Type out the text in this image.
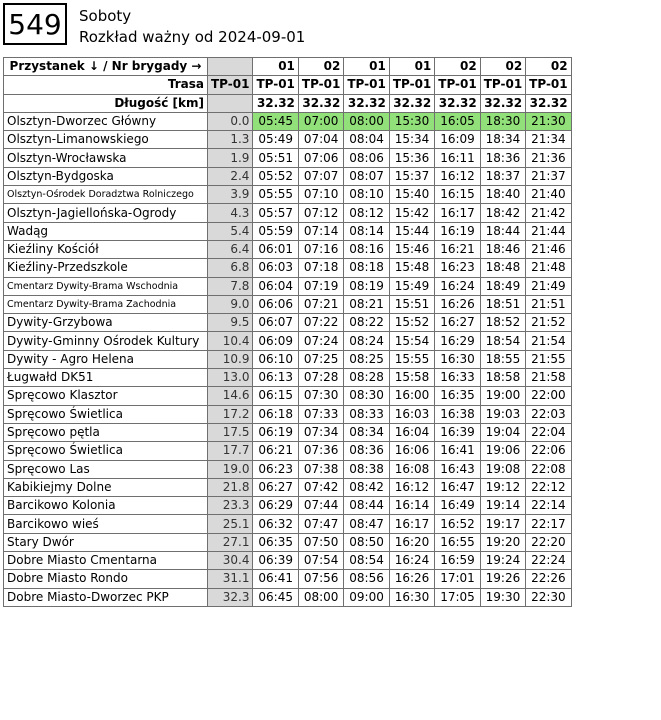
549	Soboty
Rozkład ważny od 2024-09-01
Przystanek ↓ / Nr brygady →		01	02	01	01	02	02	02
Trasa	TP-01	TP-01	TP-01	TP-01	TP-01	TP-01	TP-01	TP-01
Długość [km]		32.32	32.32	32.32	32.32	32.32	32.32	32.32
Olsztyn-Dworzec Główny	0.0	05:45	07:00	08:00	15:30	16:05	18:30	21:30
Olsztyn-Limanowskiego	1.3	05:49	07:04	08:04	15:34	16:09	18:34	21:34
Olsztyn-Wrocławska	1.9	05:51	07:06	08:06	15:36	16:11	18:36	21:36
Olsztyn-Bydgoska	2.4	05:52	07:07	08:07	15:37	16:12	18:37	21:37
Olsztyn-Ośrodek Doradztwa Rolniczego	3.9	05:55	07:10	08:10	15:40	16:15	18:40	21:40
Olsztyn-Jagiellońska-Ogrody	4.3	05:57	07:12	08:12	15:42	16:17	18:42	21:42
Wadąg	5.4	05:59	07:14	08:14	15:44	16:19	18:44	21:44
Kieźliny Kościół	6.4	06:01	07:16	08:16	15:46	16:21	18:46	21:46
Kieźliny-Przedszkole	6.8	06:03	07:18	08:18	15:48	16:23	18:48	21:48
Cmentarz Dywity-Brama Wschodnia	7.8	06:04	07:19	08:19	15:49	16:24	18:49	21:49
Cmentarz Dywity-Brama Zachodnia	9.0	06:06	07:21	08:21	15:51	16:26	18:51	21:51
Dywity-Grzybowa	9.5	06:07	07:22	08:22	15:52	16:27	18:52	21:52
Dywity-Gminny Ośrodek Kultury	10.4	06:09	07:24	08:24	15:54	16:29	18:54	21:54
Dywity - Agro Helena	10.9	06:10	07:25	08:25	15:55	16:30	18:55	21:55
Ługwałd DK51	13.0	06:13	07:28	08:28	15:58	16:33	18:58	21:58
Spręcowo Klasztor	14.6	06:15	07:30	08:30	16:00	16:35	19:00	22:00
Spręcowo Świetlica	17.2	06:18	07:33	08:33	16:03	16:38	19:03	22:03
Spręcowo pętla	17.5	06:19	07:34	08:34	16:04	16:39	19:04	22:04
Spręcowo Świetlica	17.7	06:21	07:36	08:36	16:06	16:41	19:06	22:06
Spręcowo Las	19.0	06:23	07:38	08:38	16:08	16:43	19:08	22:08
Kabikiejmy Dolne	21.8	06:27	07:42	08:42	16:12	16:47	19:12	22:12
Barcikowo Kolonia	23.3	06:29	07:44	08:44	16:14	16:49	19:14	22:14
Barcikowo wieś	25.1	06:32	07:47	08:47	16:17	16:52	19:17	22:17
Stary Dwór	27.1	06:35	07:50	08:50	16:20	16:55	19:20	22:20
Dobre Miasto Cmentarna	30.4	06:39	07:54	08:54	16:24	16:59	19:24	22:24
Dobre Miasto Rondo	31.1	06:41	07:56	08:56	16:26	17:01	19:26	22:26
Dobre Miasto-Dworzec PKP	32.3	06:45	08:00	09:00	16:30	17:05	19:30	22:30
